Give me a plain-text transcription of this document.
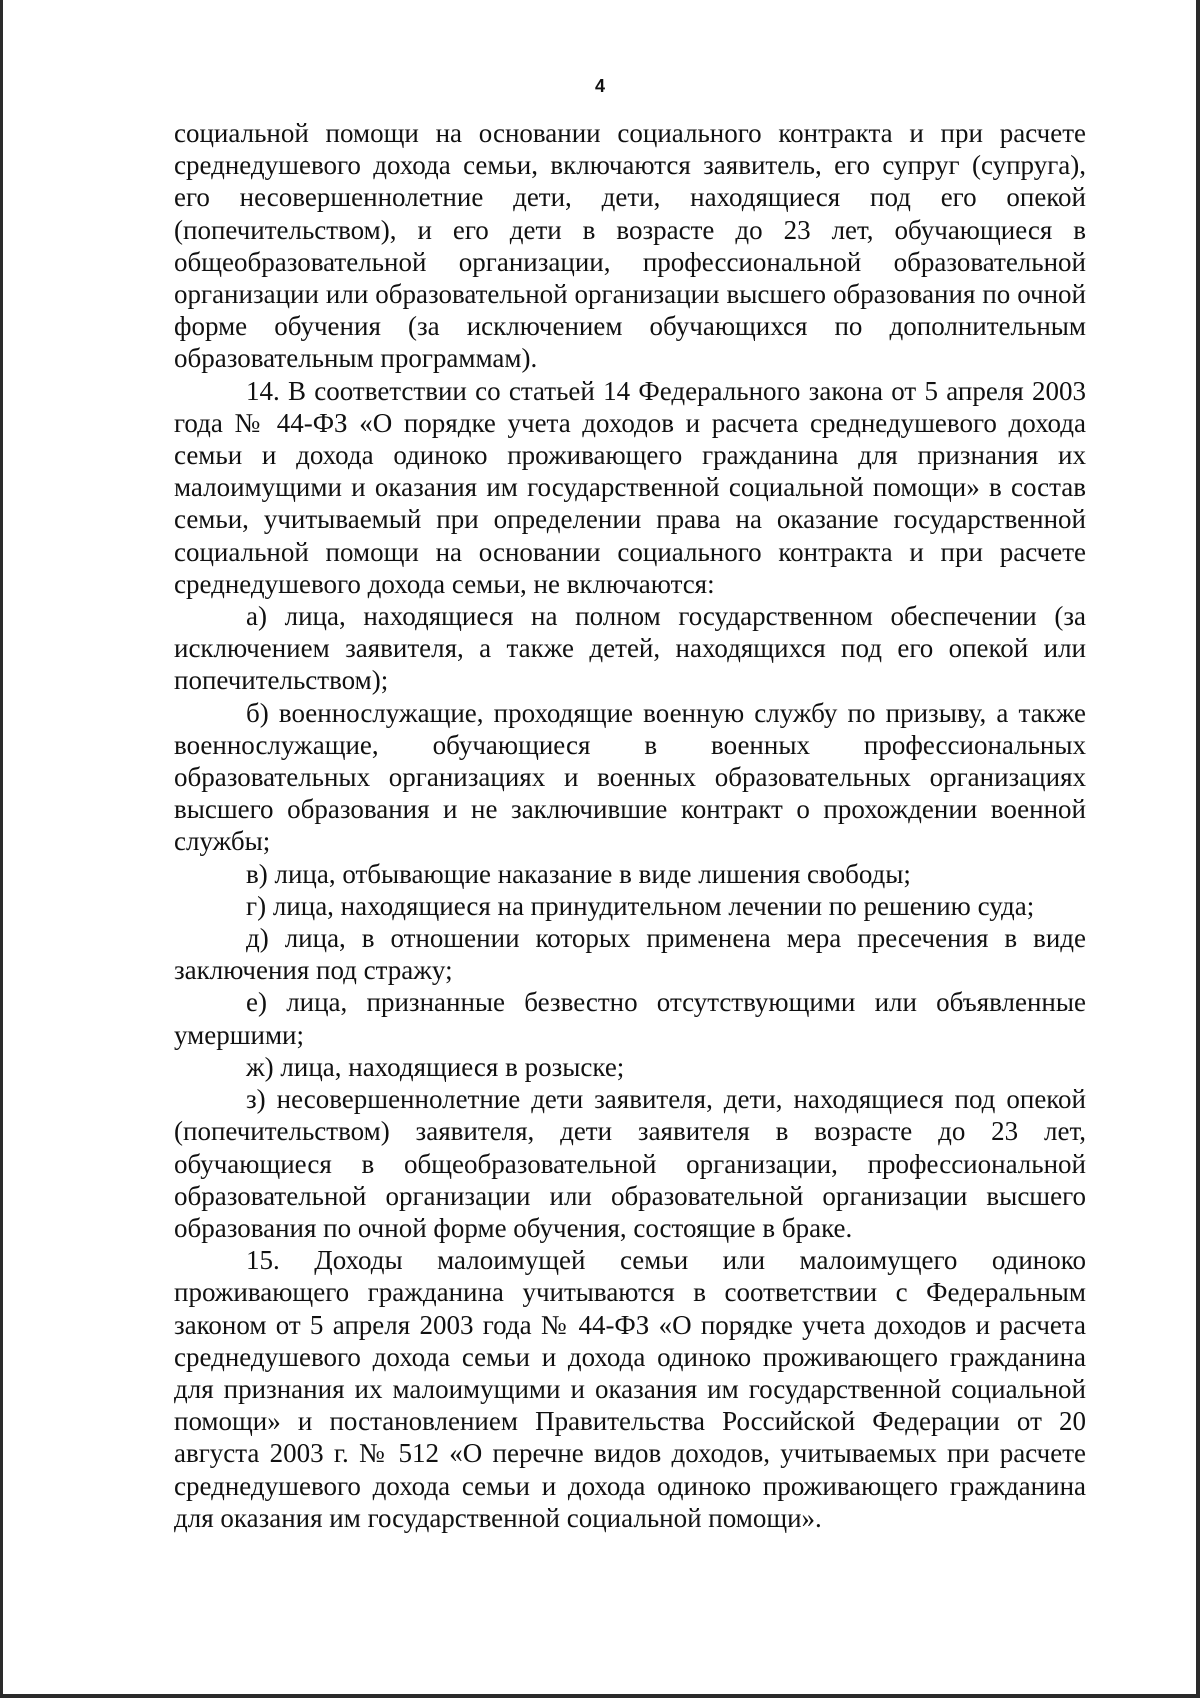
4

социальной помощи на основании социального контракта и при расчете среднедушевого дохода семьи, включаются заявитель, его супруг (супруга), его несовершеннолетние дети, дети, находящиеся под его опекой (попечительством), и его дети в возрасте до 23 лет, обучающиеся в общеобразовательной организации, профессиональной образовательной организации или образовательной организации высшего образования по очной форме обучения (за исключением обучающихся по дополнительным образовательным программам).

14. В соответствии со статьей 14 Федерального закона от 5 апреля 2003 года № 44-ФЗ «О порядке учета доходов и расчета среднедушевого дохода семьи и дохода одиноко проживающего гражданина для признания их малоимущими и оказания им государственной социальной помощи» в состав семьи, учитываемый при определении права на оказание государственной социальной помощи на основании социального контракта и при расчете среднедушевого дохода семьи, не включаются:

а) лица, находящиеся на полном государственном обеспечении (за исключением заявителя, а также детей, находящихся под его опекой или попечительством);

б) военнослужащие, проходящие военную службу по призыву, а также военнослужащие, обучающиеся в военных профессиональных образовательных организациях и военных образовательных организациях высшего образования и не заключившие контракт о прохождении военной службы;

в) лица, отбывающие наказание в виде лишения свободы;

г) лица, находящиеся на принудительном лечении по решению суда;

д) лица, в отношении которых применена мера пресечения в виде заключения под стражу;

е) лица, признанные безвестно отсутствующими или объявленные умершими;

ж) лица, находящиеся в розыске;

з) несовершеннолетние дети заявителя, дети, находящиеся под опекой (попечительством) заявителя, дети заявителя в возрасте до 23 лет, обучающиеся в общеобразовательной организации, профессиональной образовательной организации или образовательной организации высшего образования по очной форме обучения, состоящие в браке.

15. Доходы малоимущей семьи или малоимущего одиноко проживающего гражданина учитываются в соответствии с Федеральным законом от 5 апреля 2003 года № 44-ФЗ «О порядке учета доходов и расчета среднедушевого дохода семьи и дохода одиноко проживающего гражданина для признания их малоимущими и оказания им государственной социальной помощи» и постановлением Правительства Российской Федерации от 20 августа 2003 г. № 512 «О перечне видов доходов, учитываемых при расчете среднедушевого дохода семьи и дохода одиноко проживающего гражданина для оказания им государственной социальной помощи».
